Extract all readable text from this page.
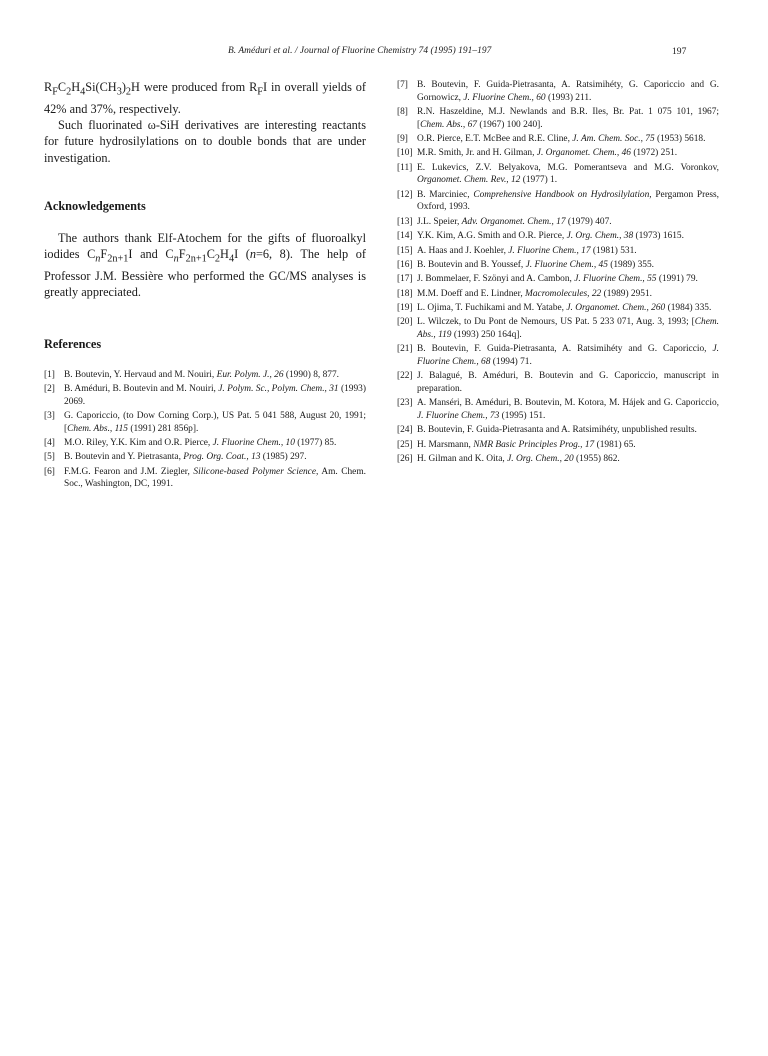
B. Améduri et al. / Journal of Fluorine Chemistry 74 (1995) 191–197	197

$R_FC_2H_4Si(CH_3)_2H$ were produced from $R_FI$ in overall yields of 42% and 37%, respectively.

Such fluorinated ω-SiH derivatives are interesting reactants for future hydrosilylations on to double bonds that are under investigation.

Acknowledgements

The authors thank Elf-Atochem for the gifts of fluoroalkyl iodides $C_nF_{2n+1}I$ and $C_nF_{2n+1}C_2H_4I$ (n=6, 8). The help of Professor J.M. Bessière who performed the GC/MS analyses is greatly appreciated.

References
[1] B. Boutevin, Y. Hervaud and M. Nouiri, Eur. Polym. J., 26 (1990) 8, 877.
[2] B. Améduri, B. Boutevin and M. Nouiri, J. Polym. Sc., Polym. Chem., 31 (1993) 2069.
[3] G. Caporiccio, (to Dow Corning Corp.), US Pat. 5 041 588, August 20, 1991; [Chem. Abs., 115 (1991) 281 856p].
[4] M.O. Riley, Y.K. Kim and O.R. Pierce, J. Fluorine Chem., 10 (1977) 85.
[5] B. Boutevin and Y. Pietrasanta, Prog. Org. Coat., 13 (1985) 297.
[6] F.M.G. Fearon and J.M. Ziegler, Silicone-based Polymer Science, Am. Chem. Soc., Washington, DC, 1991.
[7] B. Boutevin, F. Guida-Pietrasanta, A. Ratsimihéty, G. Caporiccio and G. Gornowicz, J. Fluorine Chem., 60 (1993) 211.
[8] R.N. Haszeldine, M.J. Newlands and B.R. Iles, Br. Pat. 1 075 101, 1967; [Chem. Abs., 67 (1967) 100 240].
[9] O.R. Pierce, E.T. McBee and R.E. Cline, J. Am. Chem. Soc., 75 (1953) 5618.
[10] M.R. Smith, Jr. and H. Gilman, J. Organomet. Chem., 46 (1972) 251.
[11] E. Lukevics, Z.V. Belyakova, M.G. Pomerantseva and M.G. Voronkov, Organomet. Chem. Rev., 12 (1977) 1.
[12] B. Marciniec, Comprehensive Handbook on Hydrosilylation, Pergamon Press, Oxford, 1993.
[13] J.L. Speier, Adv. Organomet. Chem., 17 (1979) 407.
[14] Y.K. Kim, A.G. Smith and O.R. Pierce, J. Org. Chem., 38 (1973) 1615.
[15] A. Haas and J. Koehler, J. Fluorine Chem., 17 (1981) 531.
[16] B. Boutevin and B. Youssef, J. Fluorine Chem., 45 (1989) 355.
[17] J. Bommelaer, F. Szönyi and A. Cambon, J. Fluorine Chem., 55 (1991) 79.
[18] M.M. Doeff and E. Lindner, Macromolecules, 22 (1989) 2951.
[19] L. Ojima, T. Fuchikami and M. Yatabe, J. Organomet. Chem., 260 (1984) 335.
[20] L. Wilczek, to Du Pont de Nemours, US Pat. 5 233 071, Aug. 3, 1993; [Chem. Abs., 119 (1993) 250 164q].
[21] B. Boutevin, F. Guida-Pietrasanta, A. Ratsimihéty and G. Caporiccio, J. Fluorine Chem., 68 (1994) 71.
[22] J. Balagué, B. Améduri, B. Boutevin and G. Caporiccio, manuscript in preparation.
[23] A. Manséri, B. Améduri, B. Boutevin, M. Kotora, M. Hájek and G. Caporiccio, J. Fluorine Chem., 73 (1995) 151.
[24] B. Boutevin, F. Guida-Pietrasanta and A. Ratsimihéty, unpublished results.
[25] H. Marsmann, NMR Basic Principles Prog., 17 (1981) 65.
[26] H. Gilman and K. Oita, J. Org. Chem., 20 (1955) 862.
